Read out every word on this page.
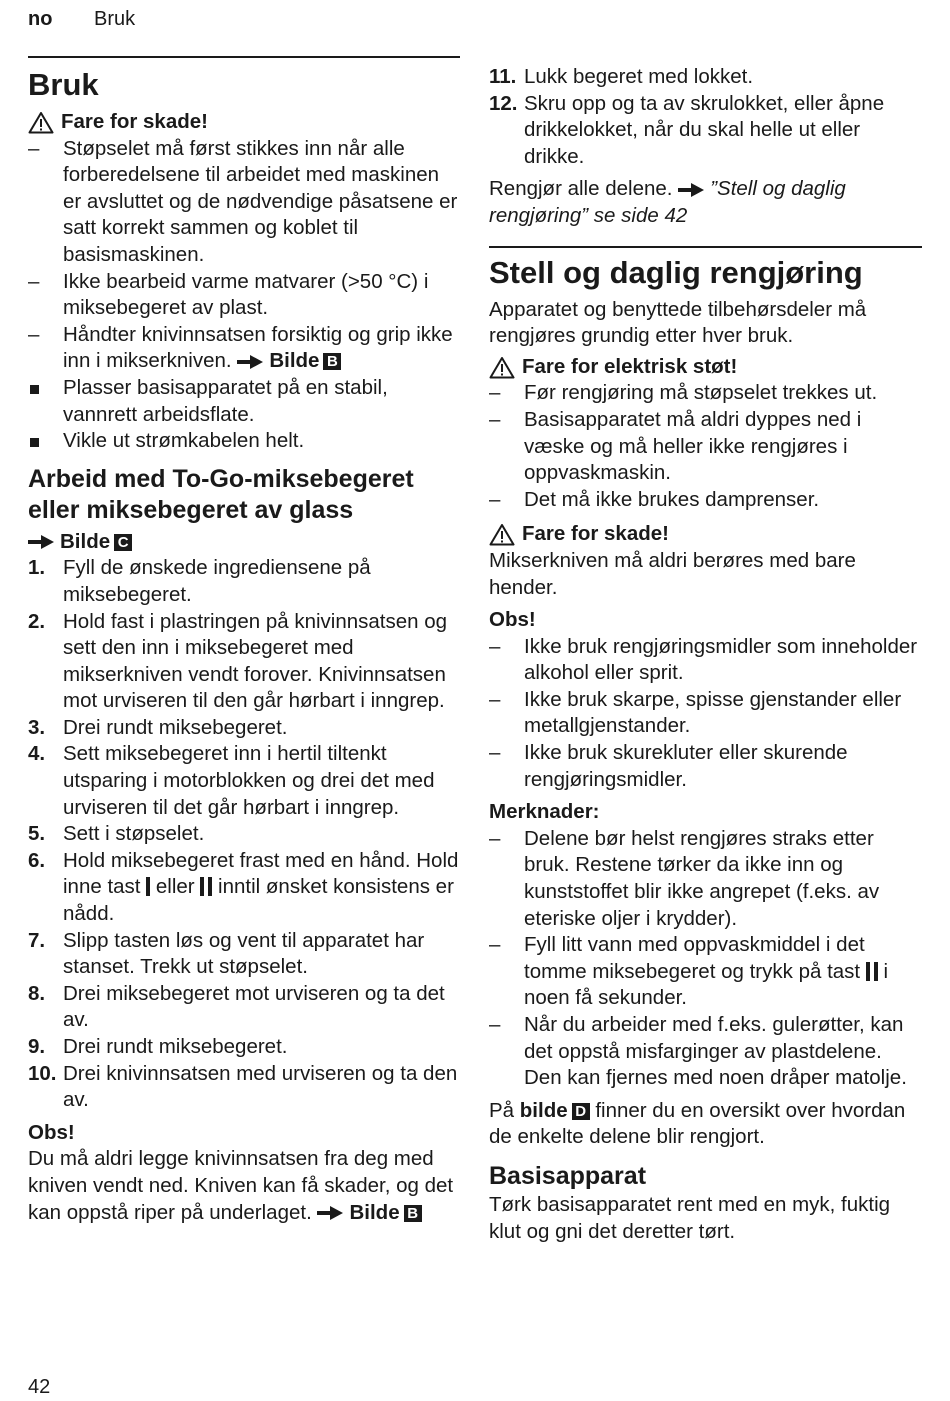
no Bruk
Bruk
Fare for skade!
–	Støpselet må først stikkes inn når alle forberedelsene til arbeidet med maskinen er avsluttet og de nødvendige påsatsene er satt korrekt sammen og koblet til basismaskinen.
–	Ikke bearbeid varme matvarer (>50 °C) i miksebegeret av plast.
–	Håndter knivinnsatsen forsiktig og grip ikke inn i mikserkniven. Bilde B
Plasser basisapparatet på en stabil, vannrett arbeidsflate.
Vikle ut strømkabelen helt.
Arbeid med To-Go-miksebegeret eller miksebegeret av glass
Bilde C
1. Fyll de ønskede ingrediensene på miksebegeret.
2. Hold fast i plastringen på knivinnsatsen og sett den inn i miksebegeret med mikserkniven vendt forover. Knivinnsatsen mot urviseren til den går hørbart i inngrep.
3. Drei rundt miksebegeret.
4. Sett miksebegeret inn i hertil tiltenkt utsparing i motorblokken og drei det med urviseren til det går hørbart i inngrep.
5. Sett i støpselet.
6. Hold miksebegeret frast med en hånd. Hold inne tast  eller  inntil ønsket konsistens er nådd.
7. Slipp tasten løs og vent til apparatet har stanset. Trekk ut støpselet.
8. Drei miksebegeret mot urviseren og ta det av.
9. Drei rundt miksebegeret.
10. Drei knivinnsatsen med urviseren og ta den av.
Obs!

Du må aldri legge knivinnsatsen fra deg med kniven vendt ned. Kniven kan få skader, og det kan oppstå riper på underlaget. Bilde B

11. Lukk begeret med lokket.
12. Skru opp og ta av skrulokket, eller åpne drikkelokket, når du skal helle ut eller drikke.

Rengjør alle delene. ”Stell og daglig rengjøring” se side 42

Stell og daglig rengjøring

Apparatet og benyttede tilbehørsdeler må rengjøres grundig etter hver bruk.

Fare for elektrisk støt!
–	Før rengjøring må støpselet trekkes ut.
–	Basisapparatet må aldri dyppes ned i væske og må heller ikke rengjøres i oppvaskmaskin.
–	Det må ikke brukes damprenser.
Fare for skade!

Mikserkniven må aldri berøres med bare hender.

Obs!
–	Ikke bruk rengjøringsmidler som inneholder alkohol eller sprit.
–	Ikke bruk skarpe, spisse gjenstander eller metallgjenstander.
–	Ikke bruk skurekluter eller skurende rengjøringsmidler.
Merknader:
–	Delene bør helst rengjøres straks etter bruk. Restene tørker da ikke inn og kunststoffet blir ikke angrepet (f.eks. av eteriske oljer i krydder).
–	Fyll litt vann med oppvaskmiddel i det tomme miksebegeret og trykk på tast  i noen få sekunder.
–	Når du arbeider med f.eks. gulerøtter, kan det oppstå misfarginger av plastdelene. Den kan fjernes med noen dråper matolje.

På bilde D finner du en oversikt over hvordan de enkelte delene blir rengjort.

Basisapparat

Tørk basisapparatet rent med en myk, fuktig klut og gni det deretter tørt.

42
